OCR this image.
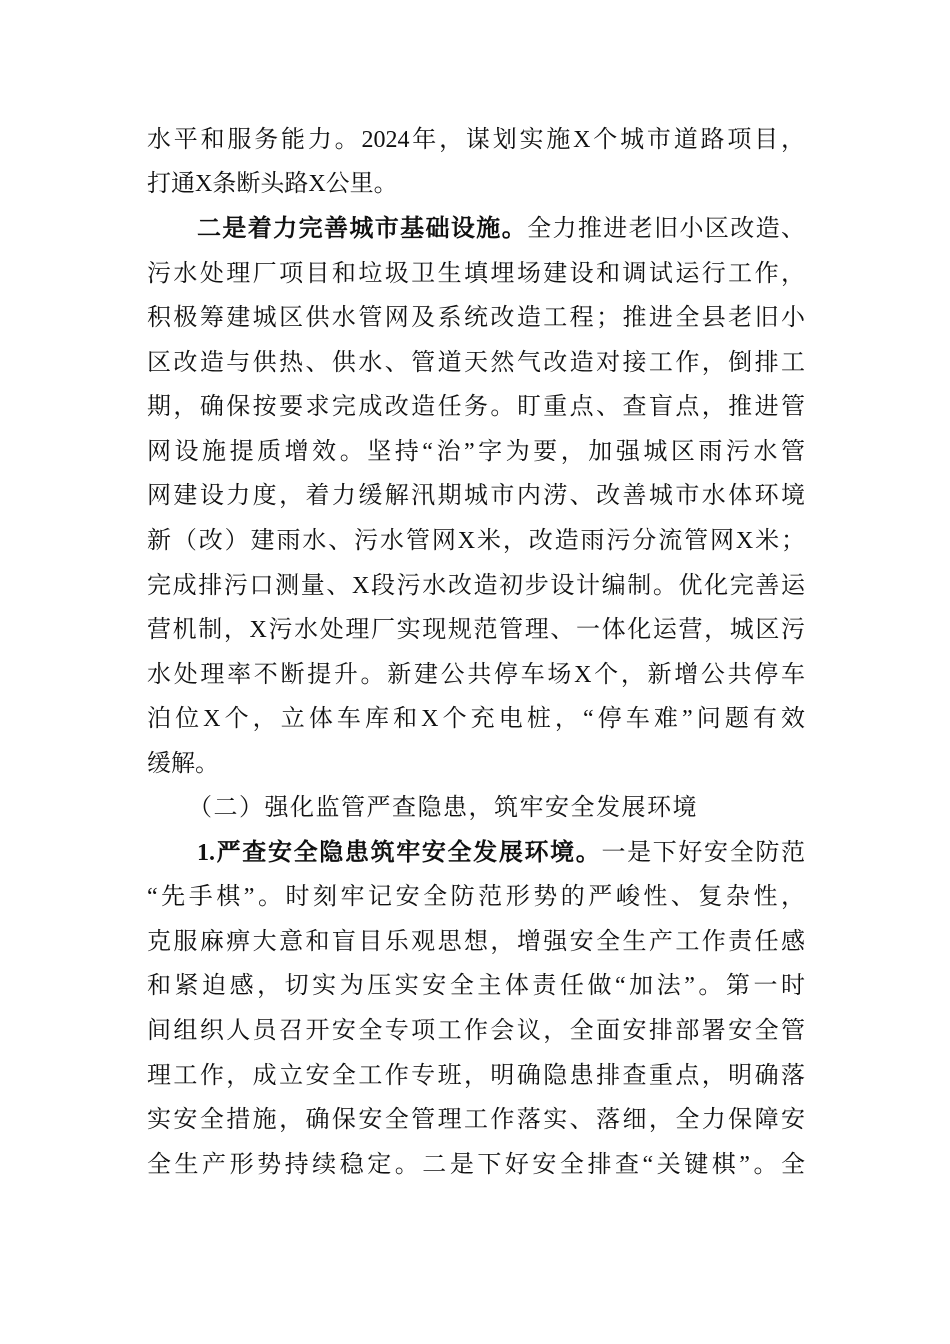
水平和服务能力。2024年，谋划实施X个城市道路项目，
打通X条断头路X公里。
二是着力完善城市基础设施。全力推进老旧小区改造、
污水处理厂项目和垃圾卫生填埋场建设和调试运行工作，
积极筹建城区供水管网及系统改造工程；推进全县老旧小
区改造与供热、供水、管道天然气改造对接工作，倒排工
期，确保按要求完成改造任务。盯重点、查盲点，推进管
网设施提质增效。坚持“治”字为要，加强城区雨污水管
网建设力度，着力缓解汛期城市内涝、改善城市水体环境
新（改）建雨水、污水管网X米，改造雨污分流管网X米；
完成排污口测量、X段污水改造初步设计编制。优化完善运
营机制，X污水处理厂实现规范管理、一体化运营，城区污
水处理率不断提升。新建公共停车场X个，新增公共停车
泊位X个，立体车库和X个充电桩，“停车难”问题有效
缓解。
（二）强化监管严查隐患，筑牢安全发展环境
1.严查安全隐患筑牢安全发展环境。一是下好安全防范
“先手棋”。时刻牢记安全防范形势的严峻性、复杂性，
克服麻痹大意和盲目乐观思想，增强安全生产工作责任感
和紧迫感，切实为压实安全主体责任做“加法”。第一时
间组织人员召开安全专项工作会议，全面安排部署安全管
理工作，成立安全工作专班，明确隐患排查重点，明确落
实安全措施，确保安全管理工作落实、落细，全力保障安
全生产形势持续稳定。二是下好安全排查“关键棋”。全
